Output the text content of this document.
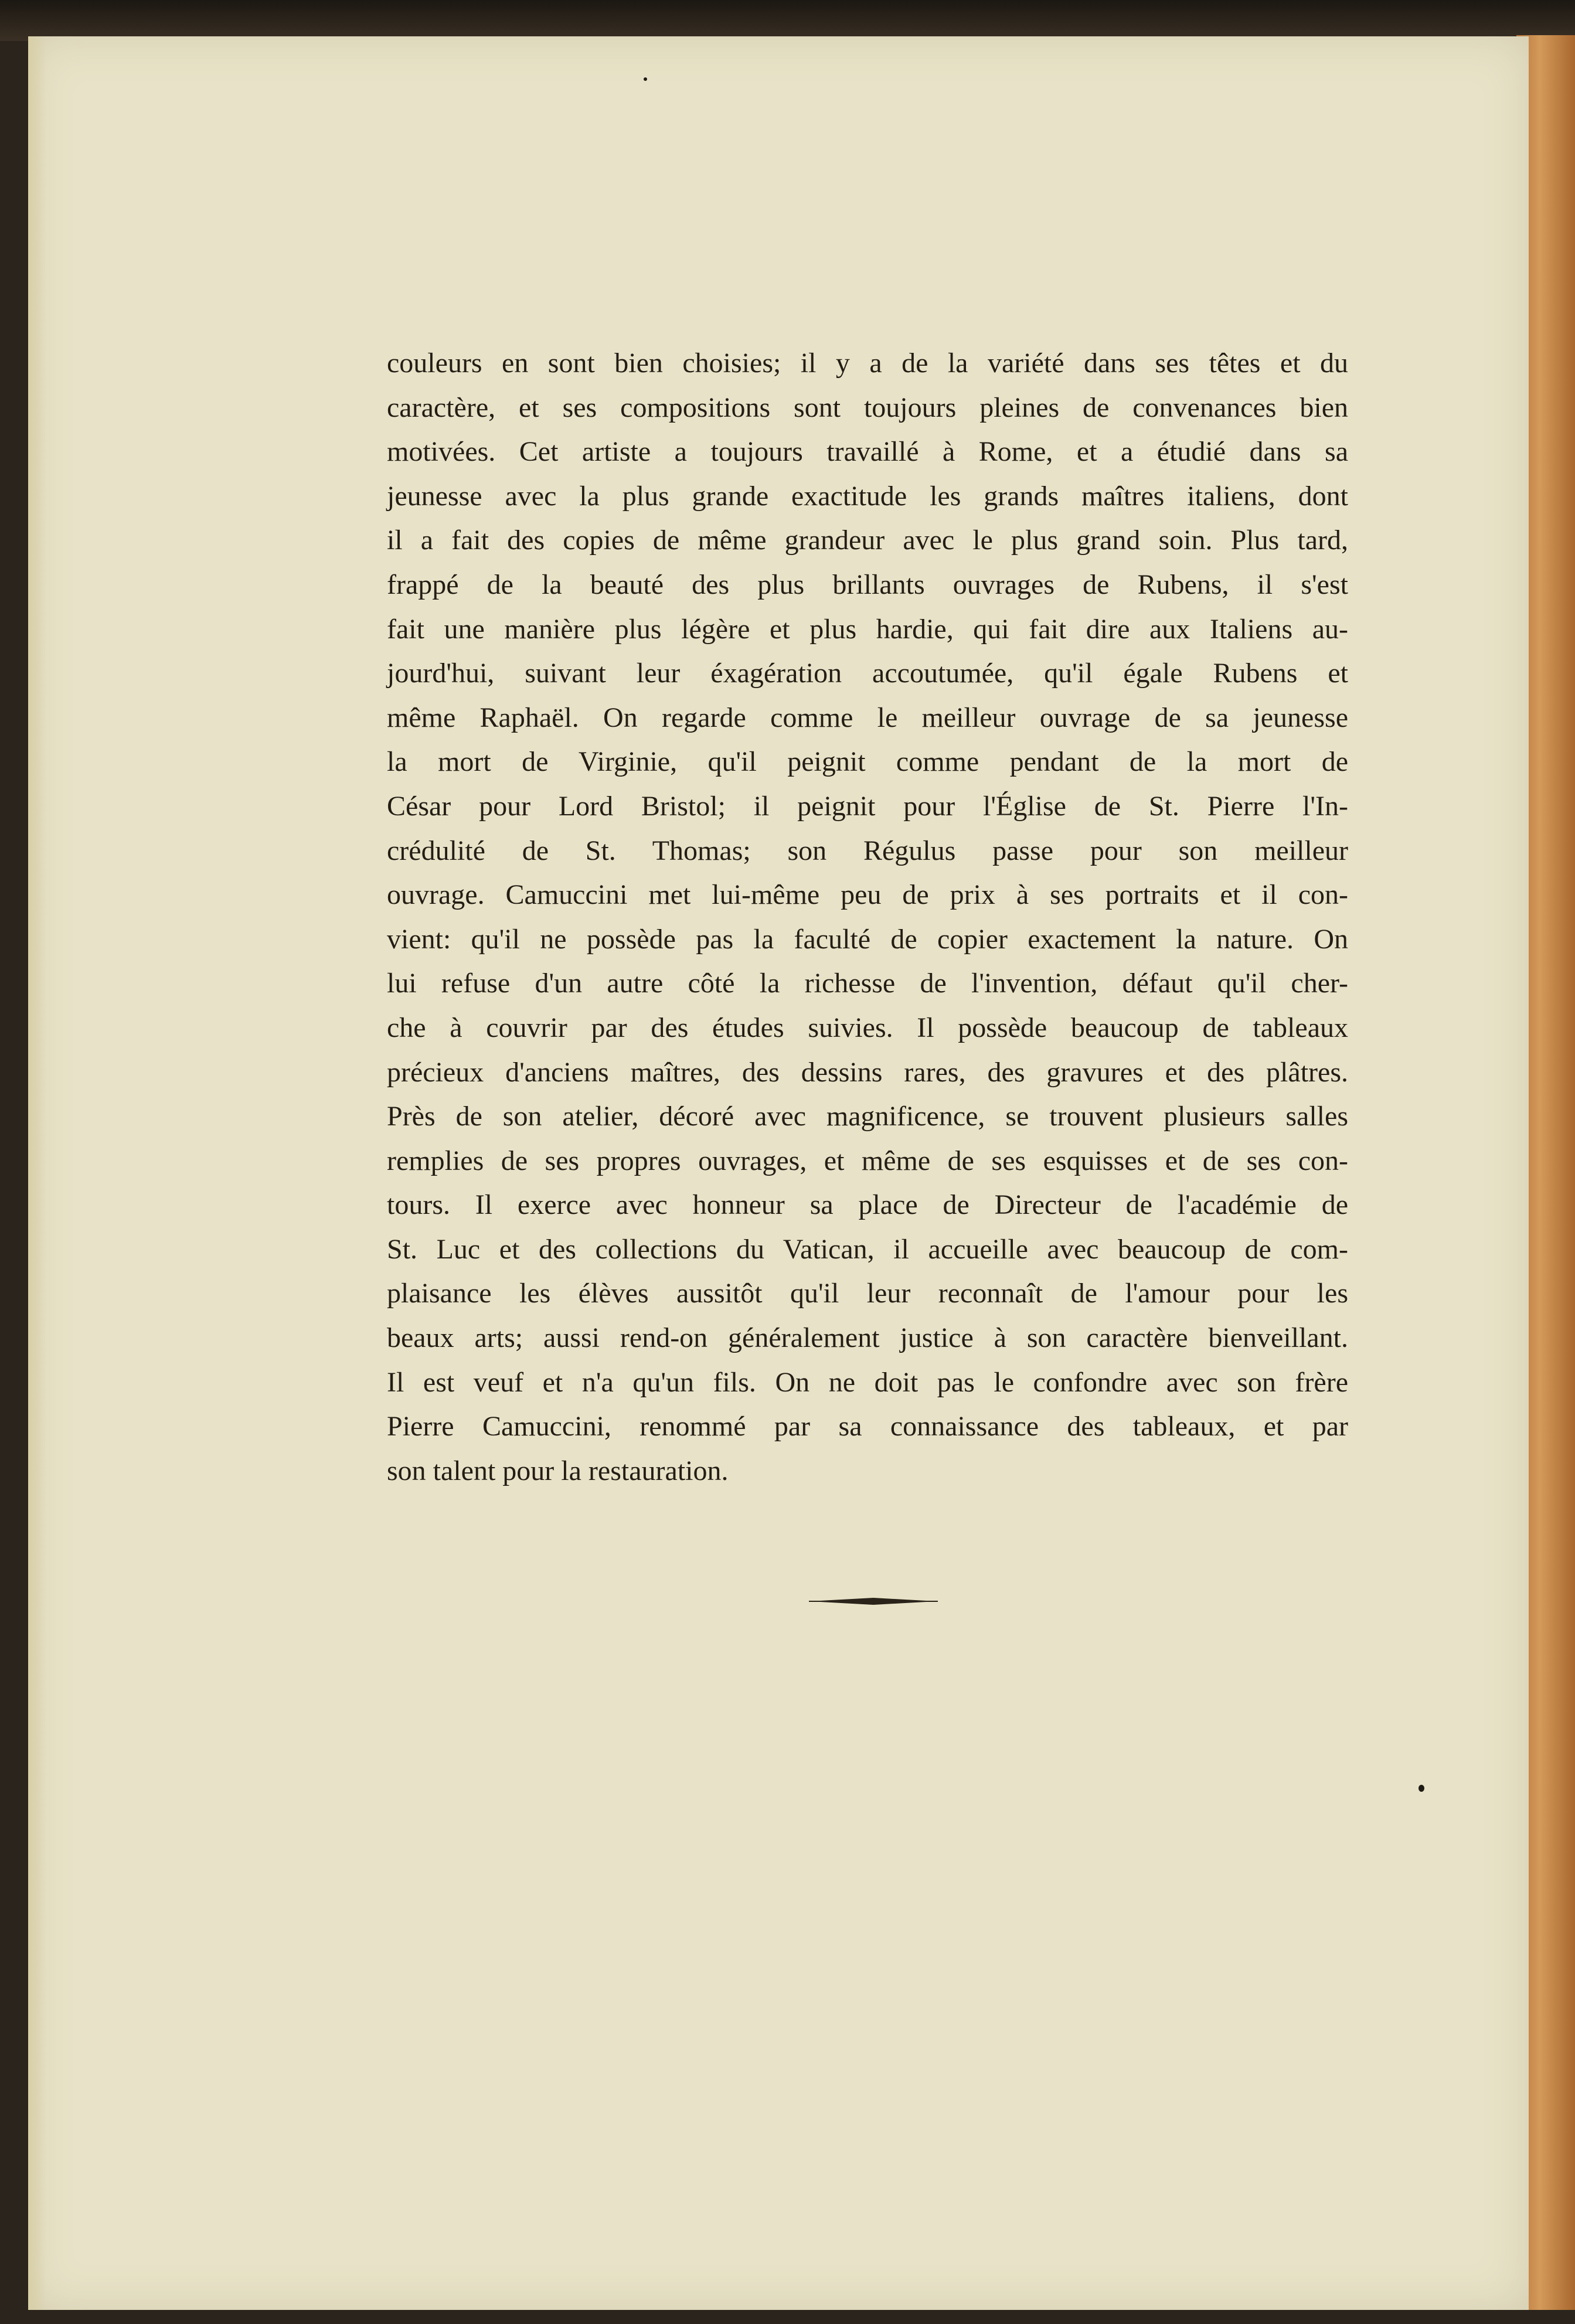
couleurs en sont bien choisies; il y a de la variété dans ses têtes et du
caractère, et ses compositions sont toujours pleines de convenances bien
motivées. Cet artiste a toujours travaillé à Rome, et a étudié dans sa
jeunesse avec la plus grande exactitude les grands maîtres italiens, dont
il a fait des copies de même grandeur avec le plus grand soin. Plus tard,
frappé de la beauté des plus brillants ouvrages de Rubens, il s'est
fait une manière plus légère et plus hardie, qui fait dire aux Italiens au-
jourd'hui, suivant leur éxagération accoutumée, qu'il égale Rubens et
même Raphaël. On regarde comme le meilleur ouvrage de sa jeunesse
la mort de Virginie, qu'il peignit comme pendant de la mort de
César pour Lord Bristol; il peignit pour l'Église de St. Pierre l'In-
crédulité de St. Thomas; son Régulus passe pour son meilleur
ouvrage. Camuccini met lui-même peu de prix à ses portraits et il con-
vient: qu'il ne possède pas la faculté de copier exactement la nature. On
lui refuse d'un autre côté la richesse de l'invention, défaut qu'il cher-
che à couvrir par des études suivies. Il possède beaucoup de tableaux
précieux d'anciens maîtres, des dessins rares, des gravures et des plâtres.
Près de son atelier, décoré avec magnificence, se trouvent plusieurs salles
remplies de ses propres ouvrages, et même de ses esquisses et de ses con-
tours. Il exerce avec honneur sa place de Directeur de l'académie de
St. Luc et des collections du Vatican, il accueille avec beaucoup de com-
plaisance les élèves aussitôt qu'il leur reconnaît de l'amour pour les
beaux arts; aussi rend-on généralement justice à son caractère bienveillant.
Il est veuf et n'a qu'un fils. On ne doit pas le confondre avec son frère
Pierre Camuccini, renommé par sa connaissance des tableaux, et par
son talent pour la restauration.
